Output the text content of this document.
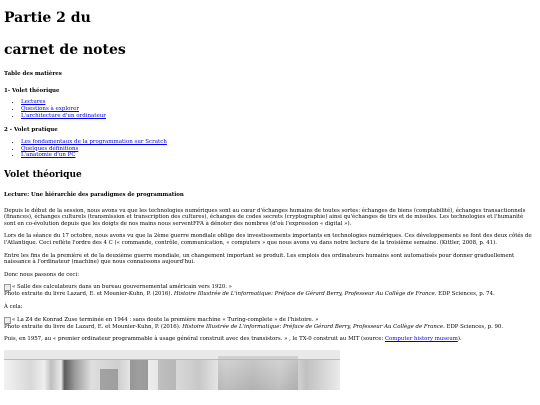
Partie 2 du
carnet de notes

Table des matières

1- Volet théorique

• Lectures
• Questions à explorer
• L'architecture d'un ordinateur

2 - Volet pratique

• Les fondamentaux de la programmation sur Scratch
• Quelques définitions
• L'anatomie d'un PC
Volet théorique

Lecture: Une hiérarchie des paradigmes de programmation

Depuis le début de la session, nous avons vu que les technologies numériques sont au cœur d'échanges humains de toutes sortes: échanges de biens (comptabilité), échanges transactionnels (finances), échanges culturels (transmission et transcription des cultures), échanges de codes secrets (cryptographie) ainsi qu'échanges de tirs et de missiles. Les technologies et l'humanité sont en co-évolution depuis que les doigts de nos mains nous serventFFA à dénoter des nombres (d'où l'expression « digital »).

Lors de la séance du 17 octobre, nous avons vu que la 2ème guerre mondiale oblige des investissements importants en technologies numériques. Ces développements se font des deux côtés de l'Atlantique. Ceci reflète l'ordre des 4 C (« commande, contrôle, communication, « computers » que nous avons vu dans notre lecture de la troisième semaine. (Kittler, 2008, p. 41).

Entre les fins de la première et de la deuxième guerre mondiale, un changement important se produit. Les emplois des ordinateurs humains sont automatisés pour donner graduellement naissance à l'ordinateur (machine) que nous connaissons aujourd'hui.

Donc nous passons de ceci:

« Salle des calculateurs dans un bureau gouvernemental américain vers 1920. »

Photo extraite du livre Lazard, E. et Mounier-Kuhn, P. (2016). Histoire Illustrée de L'informatique: Préface de Gérard Berry, Professeur Au Collège de France. EDP Sciences, p. 74.

À cela:

« La Z4 de Konrad Zuse terminée en 1944 : sans doute la première machine « Turing-complete » de l'histoire. »

Photo extraite du livre de Lazard, E. et Mounier-Kuhn, P. (2016). Histoire Illustrée de L'informatique: Préface de Gérard Berry, Professeur Au Collège de France. EDP Sciences, p. 90.

Puis, en 1957, au « premier ordinateur programmable à usage général construit avec des transistors. » , le TX-0 construit au MIT (source: Computer history museum).
